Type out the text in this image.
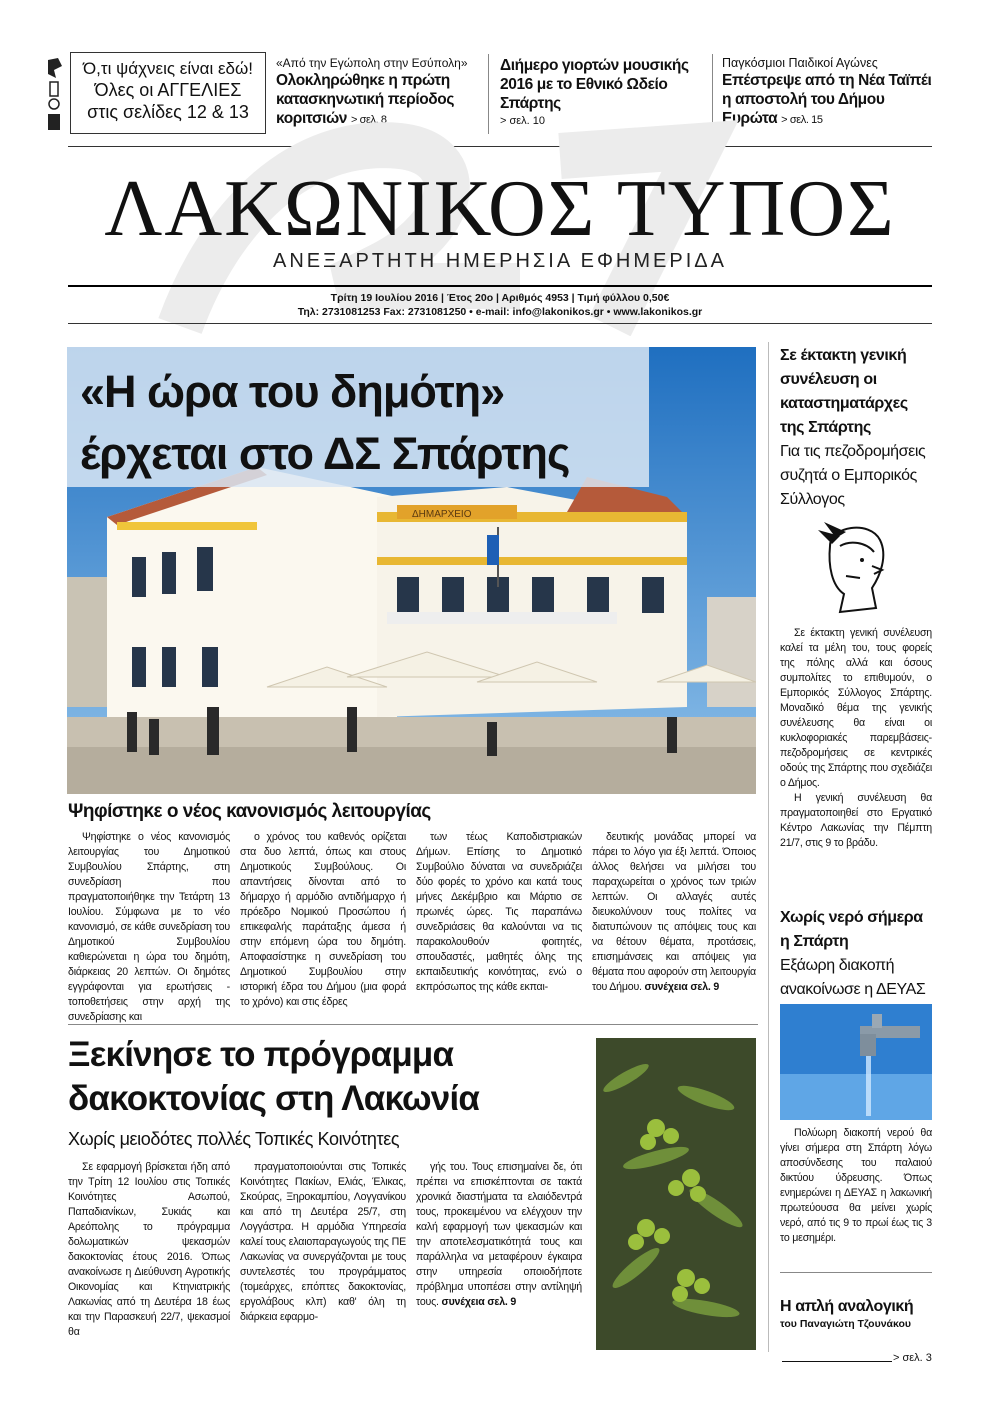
Ό,τι ψάχνεις είναι εδώ!
Όλες οι ΑΓΓΕΛΙΕΣ
στις σελίδες 12 & 13
«Από την Εγώπολη στην Εσύπολη»
Ολοκληρώθηκε η πρώτη κατασκηνωτική περίοδος κοριτσιών > σελ. 8
Διήμερο γιορτών μουσικής 2016 με το Εθνικό Ωδείο Σπάρτης
> σελ. 10
Παγκόσμιοι Παιδικοί Αγώνες
Επέστρεψε από τη Νέα Ταϊπέι η αποστολή του Δήμου Ευρώτα > σελ. 15
ΛΑΚΩΝΙΚΟΣ ΤΥΠΟΣ
ΑΝΕΞΑΡΤΗΤΗ ΗΜΕΡΗΣΙΑ ΕΦΗΜΕΡΙΔΑ
Τρίτη 19 Ιουλίου 2016 | Έτος 20ο | Αριθμός 4953 | Τιμή φύλλου 0,50€
Τηλ: 2731081253 Fax: 2731081250 • e-mail: info@lakonikos.gr • www.lakonikos.gr
ΔΗΜΑΡΧΕΙΟ
«Η ώρα του δημότη»
έρχεται στο ΔΣ Σπάρτης
Ψηφίστηκε ο νέος κανονισμός λειτουργίας

Ψηφίστηκε ο νέος κανονισμός λειτουργίας του Δημοτικού Συμβουλίου Σπάρτης, στη συνεδρίαση που πραγματοποιήθηκε την Τετάρτη 13 Ιουλίου. Σύμφωνα με το νέο κανονισμό, σε κάθε συνεδρίαση του Δημοτικού Συμβουλίου καθιερώνεται η ώρα του δημότη, διάρκειας 20 λεπτών. Οι δημότες εγγράφονται για ερωτήσεις - τοποθετήσεις στην αρχή της συνεδρίασης και

ο χρόνος του καθενός ορίζεται στα δυο λεπτά, όπως και στους Δημοτικούς Συμβούλους. Οι απαντήσεις δίνονται από το δήμαρχο ή αρμόδιο αντιδήμαρχο ή πρόεδρο Νομικού Προσώπου ή επικεφαλής παράταξης άμεσα ή στην επόμενη ώρα του δημότη. Αποφασίστηκε η συνεδρίαση του Δημοτικού Συμβουλίου στην ιστορική έδρα του Δήμου (μια φορά το χρόνο) και στις έδρες

των τέως Καποδιστριακών Δήμων. Επίσης το Δημοτικό Συμβούλιο δύναται να συνεδριάζει δύο φορές το χρόνο και κατά τους μήνες Δεκέμβριο και Μάρτιο σε πρωινές ώρες. Τις παραπάνω συνεδριάσεις θα καλούνται να τις παρακολουθούν φοιτητές, σπουδαστές, μαθητές όλης της εκπαιδευτικής κοινότητας, ενώ ο εκπρόσωπος της κάθε εκπαι-

δευτικής μονάδας μπορεί να πάρει το λόγο για έξι λεπτά. Όποιος άλλος θελήσει να μιλήσει του παραχωρείται ο χρόνος των τριών λεπτών. Οι αλλαγές αυτές διευκολύνουν τους πολίτες να διατυπώνουν τις απόψεις τους και να θέτουν θέματα, προτάσεις, επισημάνσεις και απόψεις για θέματα που αφορούν στη λειτουργία του Δήμου. συνέχεια σελ. 9

Ξεκίνησε το πρόγραμμα
δακοκτονίας στη Λακωνία
Χωρίς μειοδότες πολλές Τοπικές Κοινότητες

Σε εφαρμογή βρίσκεται ήδη από την Τρίτη 12 Ιουλίου στις Τοπικές Κοινότητες Ασωπού, Παπαδιανίκων, Συκιάς και Αρεόπολης το πρόγραμμα δολωματικών ψεκασμών δακοκτονίας έτους 2016. Όπως ανακοίνωσε η Διεύθυνση Αγροτικής Οικονομίας και Κτηνιατρικής Λακωνίας από τη Δευτέρα 18 έως και την Παρασκευή 22/7, ψεκασμοί θα

πραγματοποιούνται στις Τοπικές Κοινότητες Πακίων, Ελιάς, Έλικας, Σκούρας, Ξηροκαμπίου, Λογγανίκου και από τη Δευτέρα 25/7, στη Λογγάστρα. Η αρμόδια Υπηρεσία καλεί τους ελαιοπαραγωγούς της ΠΕ Λακωνίας να συνεργάζονται με τους συντελεστές του προγράμματος (τομεάρχες, επόπτες δακοκτονίας, εργολάβους κλπ) καθ' όλη τη διάρκεια εφαρμο-

γής του. Τους επισημαίνει δε, ότι πρέπει να επισκέπτονται σε τακτά χρονικά διαστήματα τα ελαιόδεντρά τους, προκειμένου να ελέγχουν την καλή εφαρμογή των ψεκασμών και την αποτελεσματικότητά τους και παράλληλα να μεταφέρουν έγκαιρα στην υπηρεσία οποιοδήποτε πρόβλημα υποπέσει στην αντίληψή τους. συνέχεια σελ. 9

Σε έκτακτη γενική συνέλευση οι καταστηματάρχες της Σπάρτης
Για τις πεζοδρομήσεις συζητά ο Εμπορικός Σύλλογος

Σε έκτακτη γενική συνέλευση καλεί τα μέλη του, τους φορείς της πόλης αλλά και όσους συμπολίτες το επιθυμούν, ο Εμπορικός Σύλλογος Σπάρτης. Μοναδικό θέμα της γενικής συνέλευσης θα είναι οι κυκλοφοριακές παρεμβάσεις- πεζοδρομήσεις σε κεντρικές οδούς της Σπάρτης που σχεδιάζει ο Δήμος.

Η γενική συνέλευση θα πραγματοποιηθεί στο Εργατικό Κέντρο Λακωνίας την Πέμπτη 21/7, στις 9 το βράδυ.

Χωρίς νερό σήμερα η Σπάρτη
Εξάωρη διακοπή ανακοίνωσε η ΔΕΥΑΣ

Πολύωρη διακοπή νερού θα γίνει σήμερα στη Σπάρτη λόγω αποσύνδεσης του παλαιού δικτύου ύδρευσης. Όπως ενημερώνει η ΔΕΥΑΣ η λακωνική πρωτεύουσα θα μείνει χωρίς νερό, από τις 9 το πρωί έως τις 3 το μεσημέρι.

Η απλή αναλογική
του Παναγιώτη Τζουνάκου
> σελ. 3
